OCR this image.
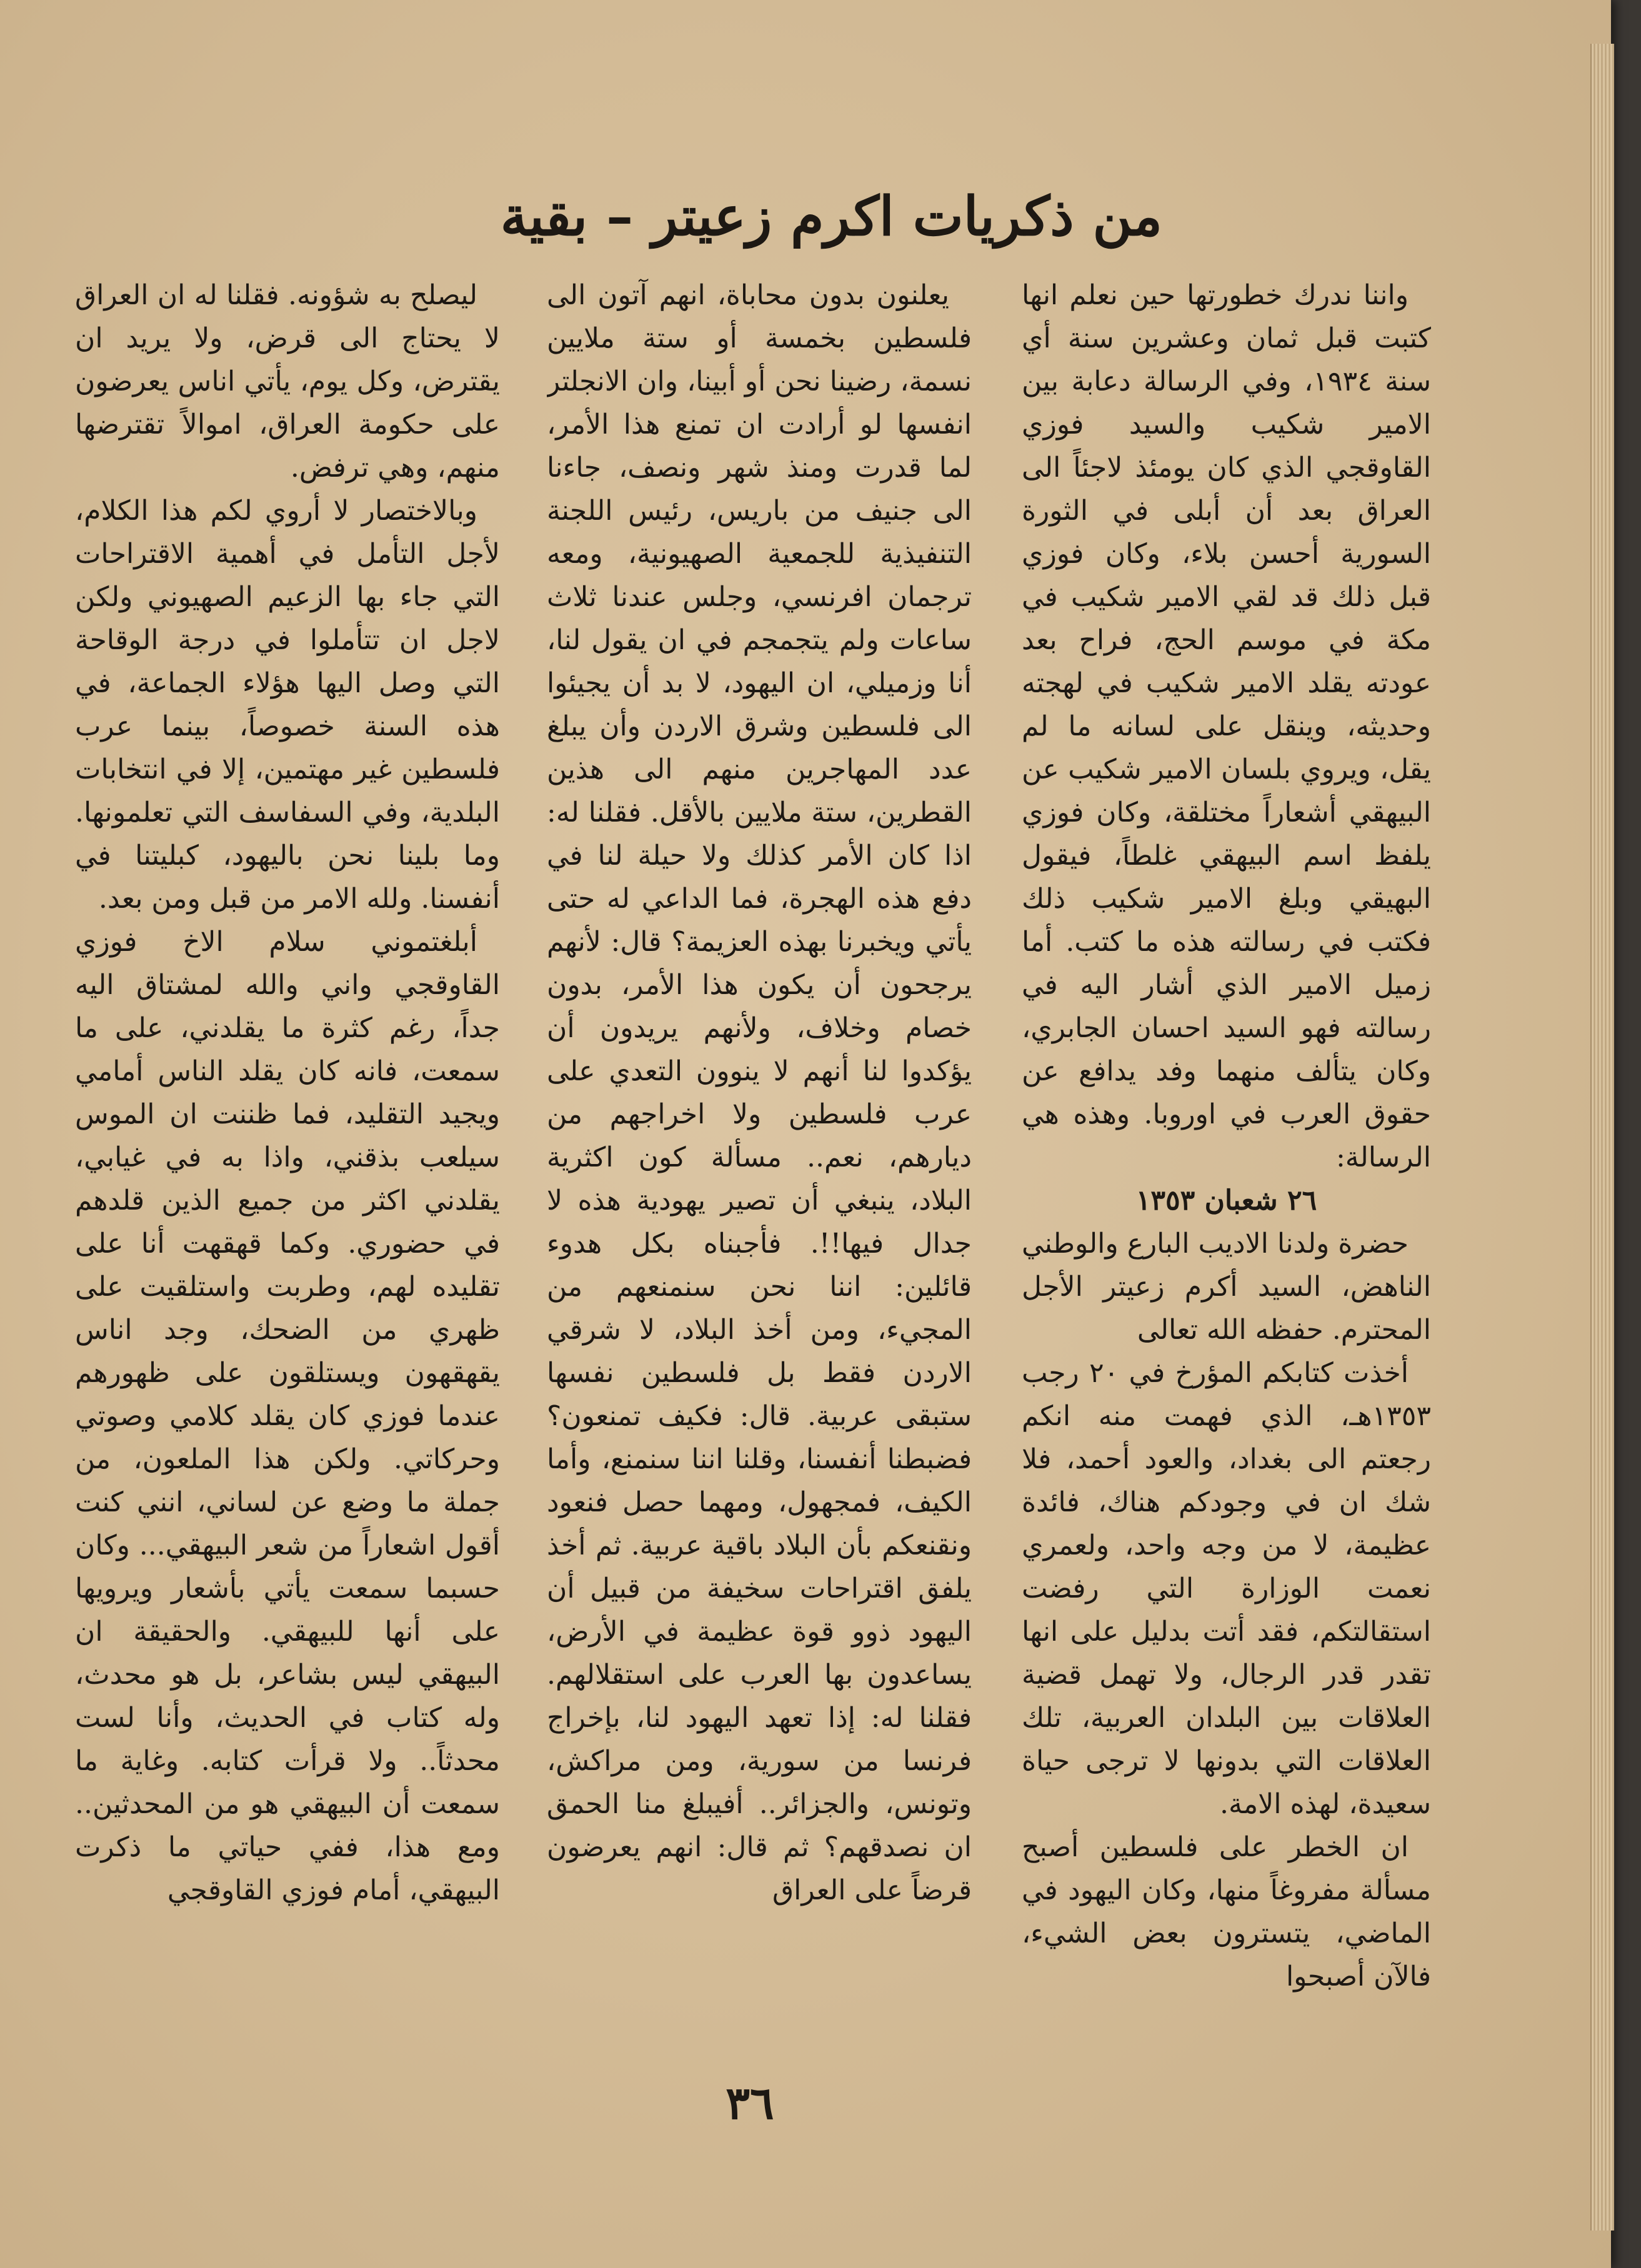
من ذكريات اكرم زعيتر – بقية

واننا ندرك خطورتها حين نعلم انها كتبت قبل ثمان وعشرين سنة أي سنة ١٩٣٤، وفي الرسالة دعابة بين الامير شكيب والسيد فوزي القاوقجي الذي كان يومئذ لاجئاً الى العراق بعد أن أبلى في الثورة السورية أحسن بلاء، وكان فوزي قبل ذلك قد لقي الامير شكيب في مكة في موسم الحج، فراح بعد عودته يقلد الامير شكيب في لهجته وحديثه، وينقل على لسانه ما لم يقل، ويروي بلسان الامير شكيب عن البيهقي أشعاراً مختلقة، وكان فوزي يلفظ اسم البيهقي غلطاً، فيقول البهيقي وبلغ الامير شكيب ذلك فكتب في رسالته هذه ما كتب. أما زميل الامير الذي أشار اليه في رسالته فهو السيد احسان الجابري، وكان يتألف منهما وفد يدافع عن حقوق العرب في اوروبا. وهذه هي الرسالة:

٢٦ شعبان ١٣٥٣

حضرة ولدنا الاديب البارع والوطني الناهض، السيد أكرم زعيتر الأجل المحترم. حفظه الله تعالى

أخذت كتابكم المؤرخ في ٢٠ رجب ١٣٥٣هـ، الذي فهمت منه انكم رجعتم الى بغداد، والعود أحمد، فلا شك ان في وجودكم هناك، فائدة عظيمة، لا من وجه واحد، ولعمري نعمت الوزارة التي رفضت استقالتكم، فقد أتت بدليل على انها تقدر قدر الرجال، ولا تهمل قضية العلاقات بين البلدان العربية، تلك العلاقات التي بدونها لا ترجى حياة سعيدة، لهذه الامة.

ان الخطر على فلسطين أصبح مسألة مفروغاً منها، وكان اليهود في الماضي، يتسترون بعض الشيء، فالآن أصبحوا

يعلنون بدون محاباة، انهم آتون الى فلسطين بخمسة أو ستة ملايين نسمة، رضينا نحن أو أبينا، وان الانجلتر انفسها لو أرادت ان تمنع هذا الأمر، لما قدرت ومنذ شهر ونصف، جاءنا الى جنيف من باريس، رئيس اللجنة التنفيذية للجمعية الصهيونية، ومعه ترجمان افرنسي، وجلس عندنا ثلاث ساعات ولم يتجمجم في ان يقول لنا، أنا وزميلي، ان اليهود، لا بد أن يجيئوا الى فلسطين وشرق الاردن وأن يبلغ عدد المهاجرين منهم الى هذين القطرين، ستة ملايين بالأقل. فقلنا له: اذا كان الأمر كذلك ولا حيلة لنا في دفع هذه الهجرة، فما الداعي له حتى يأتي ويخبرنا بهذه العزيمة؟ قال: لأنهم يرجحون أن يكون هذا الأمر، بدون خصام وخلاف، ولأنهم يريدون أن يؤكدوا لنا أنهم لا ينوون التعدي على عرب فلسطين ولا اخراجهم من ديارهم، نعم.. مسألة كون اكثرية البلاد، ينبغي أن تصير يهودية هذه لا جدال فيها!!. فأجبناه بكل هدوء قائلين: اننا نحن سنمنعهم من المجيء، ومن أخذ البلاد، لا شرقي الاردن فقط بل فلسطين نفسها ستبقى عربية. قال: فكيف تمنعون؟ فضبطنا أنفسنا، وقلنا اننا سنمنع، وأما الكيف، فمجهول، ومهما حصل فنعود ونقنعكم بأن البلاد باقية عربية. ثم أخذ يلفق اقتراحات سخيفة من قبيل أن اليهود ذوو قوة عظيمة في الأرض، يساعدون بها العرب على استقلالهم. فقلنا له: إذا تعهد اليهود لنا، بإخراج فرنسا من سورية، ومن مراكش، وتونس، والجزائر.. أفيبلغ منا الحمق ان نصدقهم؟ ثم قال: انهم يعرضون قرضاً على العراق

ليصلح به شؤونه. فقلنا له ان العراق لا يحتاج الى قرض، ولا يريد ان يقترض، وكل يوم، يأتي اناس يعرضون على حكومة العراق، اموالاً تقترضها منهم، وهي ترفض.

وبالاختصار لا أروي لكم هذا الكلام، لأجل التأمل في أهمية الاقتراحات التي جاء بها الزعيم الصهيوني ولكن لاجل ان تتأملوا في درجة الوقاحة التي وصل اليها هؤلاء الجماعة، في هذه السنة خصوصاً، بينما عرب فلسطين غير مهتمين، إلا في انتخابات البلدية، وفي السفاسف التي تعلمونها. وما بلينا نحن باليهود، كبليتنا في أنفسنا. ولله الامر من قبل ومن بعد.

أبلغتموني سلام الاخ فوزي القاوقجي واني والله لمشتاق اليه جداً، رغم كثرة ما يقلدني، على ما سمعت، فانه كان يقلد الناس أمامي ويجيد التقليد، فما ظننت ان الموس سيلعب بذقني، واذا به في غيابي، يقلدني اكثر من جميع الذين قلدهم في حضوري. وكما قهقهت أنا على تقليده لهم، وطربت واستلقيت على ظهري من الضحك، وجد اناس يقهقهون ويستلقون على ظهورهم عندما فوزي كان يقلد كلامي وصوتي وحركاتي. ولكن هذا الملعون، من جملة ما وضع عن لساني، انني كنت أقول اشعاراً من شعر البيهقي... وكان حسبما سمعت يأتي بأشعار ويرويها على أنها للبيهقي. والحقيقة ان البيهقي ليس بشاعر، بل هو محدث، وله كتاب في الحديث، وأنا لست محدثاً.. ولا قرأت كتابه. وغاية ما سمعت أن البيهقي هو من المحدثين.. ومع هذا، ففي حياتي ما ذكرت البيهقي، أمام فوزي القاوقجي

٣٦
